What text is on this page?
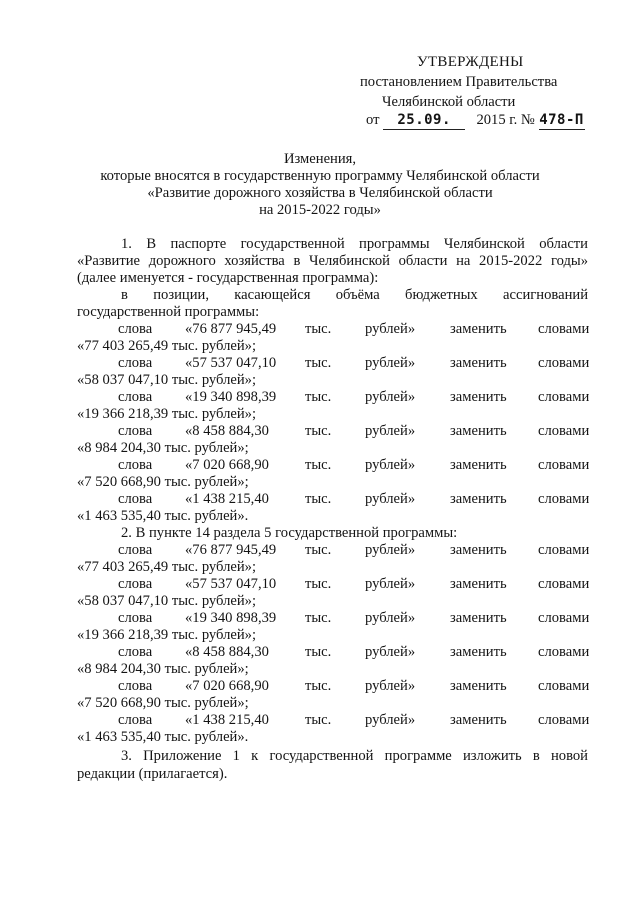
УТВЕРЖДЕНЫ
постановлением Правительства
Челябинской области
от 25.09. 2015 г. № 478-П
Изменения,
которые вносятся в государственную программу Челябинской области
«Развитие дорожного хозяйства в Челябинской области
на 2015-2022 годы»
1. В паспорте государственной программы Челябинской области
«Развитие дорожного хозяйства в Челябинской области на 2015-2022 годы»
(далее именуется - государственная программа):
в позиции, касающейся объёма бюджетных ассигнований
государственной программы:
слова «76 877 945,49 тыс. рублей» заменить словами
«77 403 265,49 тыс. рублей»;
слова «57 537 047,10 тыс. рублей» заменить словами
«58 037 047,10 тыс. рублей»;
слова «19 340 898,39 тыс. рублей» заменить словами
«19 366 218,39 тыс. рублей»;
слова «8 458 884,30 тыс. рублей» заменить словами
«8 984 204,30 тыс. рублей»;
слова «7 020 668,90 тыс. рублей» заменить словами
«7 520 668,90 тыс. рублей»;
слова «1 438 215,40 тыс. рублей» заменить словами
«1 463 535,40 тыс. рублей».
2. В пункте 14 раздела 5 государственной программы:
слова «76 877 945,49 тыс. рублей» заменить словами
«77 403 265,49 тыс. рублей»;
слова «57 537 047,10 тыс. рублей» заменить словами
«58 037 047,10 тыс. рублей»;
слова «19 340 898,39 тыс. рублей» заменить словами
«19 366 218,39 тыс. рублей»;
слова «8 458 884,30 тыс. рублей» заменить словами
«8 984 204,30 тыс. рублей»;
слова «7 020 668,90 тыс. рублей» заменить словами
«7 520 668,90 тыс. рублей»;
слова «1 438 215,40 тыс. рублей» заменить словами
«1 463 535,40 тыс. рублей».
3. Приложение 1 к государственной программе изложить в новой
редакции (прилагается).
